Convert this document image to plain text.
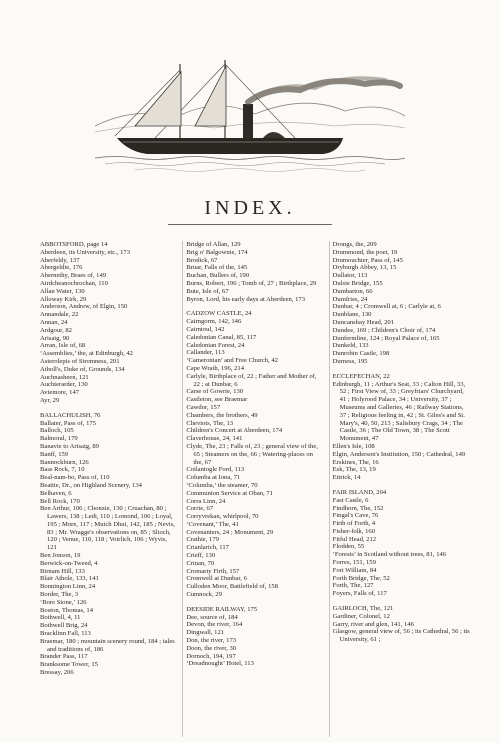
INDEX.

ABBOTSFORD, page 14

Aberdeen, its University, etc., 173

Aberfeldy, 137

Abergeldie, 176

Abernethy, Braes of, 149

Airdcheanochrochan, 110

Allan Water, 130

Alloway Kirk, 29

Anderson, Andrew, of Elgin, 150

Annandale, 22

Annan, 24

Ardgour, 82

Arisaig, 90

Arran, Isle of, 68

‘Assemblies,’ the, at Edinburgh, 42

Asterolepis of Stromness, 201

Atholl's, Duke of, Grounds, 134

Auchnasheen, 121

Auchterarder, 130

Aviemore, 147

Ayr, 29

BALLACHULISH, 76

Ballater, Pass of, 175

Balloch, 105

Balmoral, 179

Banavie to Arisaig, 89

Banff, 159

Bannockburn, 126

Bass Rock, 7, 10

Beal-nam-bo, Pass of, 110

Beattie, Dr., on Highland Scenery, 134

Belhaven, 6

Bell Rock, 170

Ben Arthur, 106 ; Chonzie, 130 ; Cruachan, 80 ; Lawers, 138 ; Ledi, 110 ; Lomond, 106 ; Loyal, 195 ; More, 117 ; Muich Dhui, 142, 185 ; Nevis, 83 ; Mr. Wragge's observations on, 85 ; Slioch, 120 ; Venue, 110, 118 ; Voirlich, 106 ; Wyvis, 121

Ben Jonson, 19

Berwick-on-Tweed, 4

Birnam Hill, 133

Blair Athole, 133, 141

Bonnington Linn, 24

Border, The, 3

‘Bore Stone,’ 126

Boston, Thomas, 14

Bothwell, 4, 11

Bothwell Brig, 24

Bracklinn Fall, 113

Braemar, 180 ; mountain scenery round, 184 ; tales and traditions of, 186

Brander Pass, 117

Branksome Tower, 15

Bressay, 206

Bridge of Allan, 129

Brig o' Balgownie, 174

Brodick, 67

Bruar, Falls of the, 145

Buchan, Bullers of, 190

Burns, Robert, 196 ; Tomb of, 27 ; Birthplace, 29

Bute, Isle of, 67

Byron, Lord, his early days at Aberdeen, 173

CADZOW CASTLE, 24

Cairngorm, 142, 146

Cairntoul, 142

Caledonian Canal, 85, 117

Caledonian Forest, 24

Callander, 113

‘Cameronian’ and Free Church, 42

Cape Wrath, 196, 214

Carlyle, Birthplace of, 22 ; Father and Mother of, 22 ; at Dunbar, 6

Carse of Gowrie, 130

Castleton, see Braemar

Cawdor, 157

Chambers, the brothers, 49

Cheviots, The, 13

Children's Concert at Aberdeen, 174

Claverhouse, 24, 141

Clyde, The, 23 ; Falls of, 23 ; general view of the, 65 ; Steamers on the, 66 ; Watering-places on the, 67

Coilantogle Ford, 113

Columba at Iona, 71

‘Columba,’ the steamer, 70

Communion Service at Oban, 71

Corra Linn, 24

Corrie, 67

Corryvrekan, whirlpool, 70

‘Covenant,’ The, 41

Covenanters, 24 ; Monument, 29

Crathie, 179

Crianlarich, 117

Crieff, 130

Crinan, 70

Cromarty Firth, 157

Cromwell at Dunbar, 6

Culloden Moor, Battlefield of, 158

Cumnock, 29

DEESIDE RAILWAY, 175

Dee, source of, 184

Devon, the river, 164

Dingwall, 121

Don, the river, 173

Doon, the river, 30

Dornoch, 194, 197

‘Dreadnought’ Hotel, 113

Drongs, the, 209

Drummond, the poet, 19

Drumouchter, Pass of, 145

Dryburgh Abbey, 13, 15

Dullator, 113

Dulsie Bridge, 155

Dumbarton, 66

Dumfries, 24

Dunbar, 4 ; Cromwell at, 6 ; Carlyle at, 6

Dunblane, 130

Duncansbay Head, 201

Dundee, 169 ; Children's Choir of, 174

Dunfermline, 124 ; Royal Palace of, 165

Dunkeld, 133

Dunrobin Castle, 198

Durness, 195

ECCLEFECHAN, 22

Edinburgh, 11 ; Arthur's Seat, 33 ; Calton Hill, 33, 52 ; First View of, 33 ; Greyfriars' Churchyard, 41 ; Holyrood Palace, 34 ; University, 37 ; Museums and Galleries, 46 ; Railway Stations, 37 ; Religious feeling in, 42 ; St. Giles's and St. Mary's, 40, 50, 213 ; Salisbury Crags, 34 ; The Castle, 36 ; The Old Town, 38 ; The Scott Monument, 47

Ellen's Isle, 108

Elgin, Anderson's Institution, 150 ; Cathedral, 149

Erskines, The, 16

Esk, The, 13, 19

Ettrick, 14

FAIR ISLAND, 204

Fast Castle, 6

Findhorn, The, 152

Fingal's Cave, 76

Firth of Forth, 4

Fisher-folk, 160

Fitful Head, 212

Flodden, 55

‘Forests’ in Scotland without trees, 81, 146

Forres, 151, 159

Fort William, 84

Forth Bridge, The, 52

Forth, The, 127

Foyers, Falls of, 117

GAIRLOCH, The, 121

Gardiner, Colonel, 12

Garry, river and glen, 141, 146

Glasgow, general view of, 56 ; its Cathedral, 56 ; its University, 61 ;
